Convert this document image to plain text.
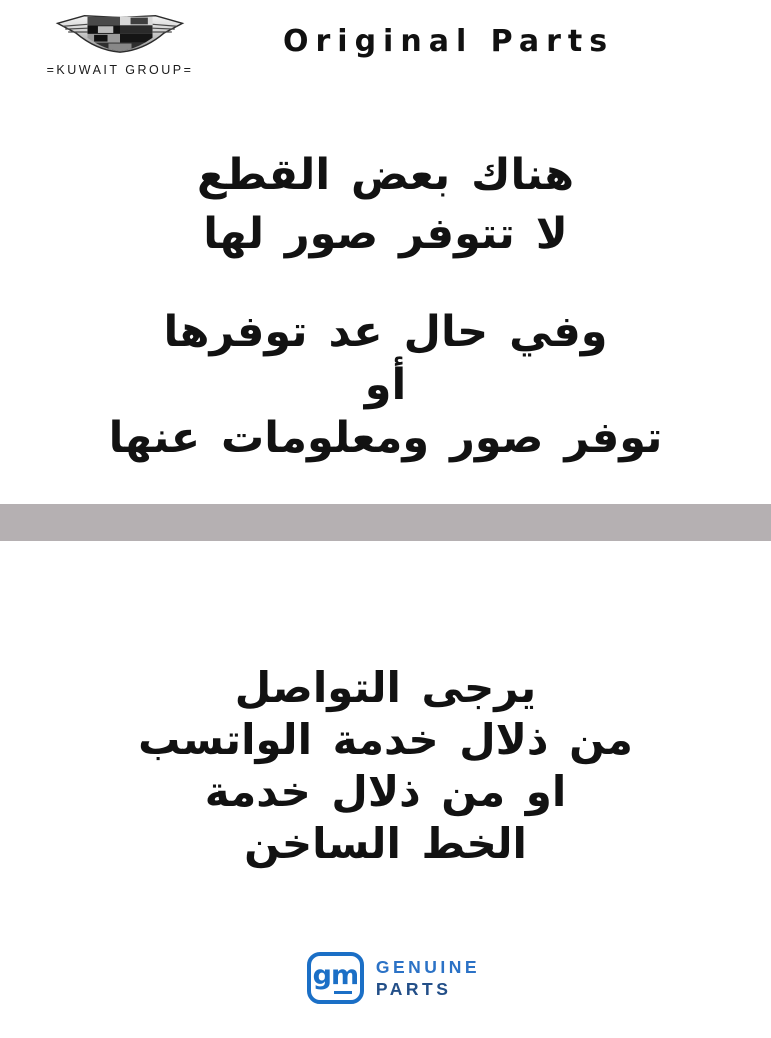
=KUWAIT GROUP=
Original Parts
هناك بعض القطع
لا تتوفر صور لها
وفي حال عد توفرها
أو
توفر صور ومعلومات عنها
يرجى التواصل
من ذلال خدمة الواتسب
او من ذلال خدمة
الخط الساخن
gm GENUINE
PARTS
